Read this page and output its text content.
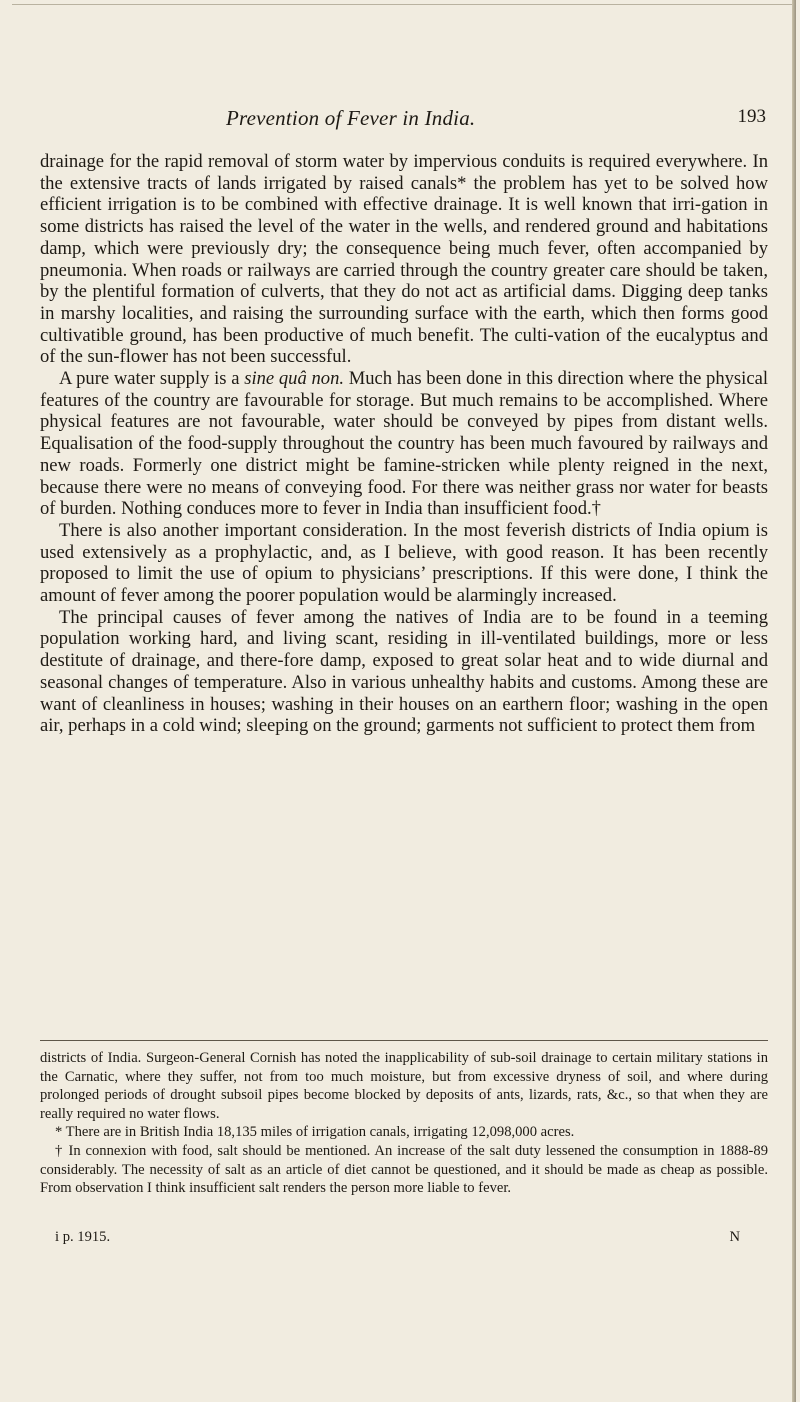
Prevention of Fever in India.	193

drainage for the rapid removal of storm water by impervious conduits is required everywhere. In the extensive tracts of lands irrigated by raised canals* the problem has yet to be solved how efficient irrigation is to be combined with effective drainage. It is well known that irri-gation in some districts has raised the level of the water in the wells, and rendered ground and habitations damp, which were previously dry; the consequence being much fever, often accompanied by pneumonia. When roads or railways are carried through the country greater care should be taken, by the plentiful formation of culverts, that they do not act as artificial dams. Digging deep tanks in marshy localities, and raising the surrounding surface with the earth, which then forms good cultivatible ground, has been productive of much benefit. The culti-vation of the eucalyptus and of the sun-flower has not been successful.

A pure water supply is a sine quâ non. Much has been done in this direction where the physical features of the country are favourable for storage. But much remains to be accomplished. Where physical features are not favourable, water should be conveyed by pipes from distant wells. Equalisation of the food-supply throughout the country has been much favoured by railways and new roads. Formerly one district might be famine-stricken while plenty reigned in the next, because there were no means of conveying food. For there was neither grass nor water for beasts of burden. Nothing conduces more to fever in India than insufficient food.†

There is also another important consideration. In the most feverish districts of India opium is used extensively as a prophylactic, and, as I believe, with good reason. It has been recently proposed to limit the use of opium to physicians’ prescriptions. If this were done, I think the amount of fever among the poorer population would be alarmingly increased.

The principal causes of fever among the natives of India are to be found in a teeming population working hard, and living scant, residing in ill-ventilated buildings, more or less destitute of drainage, and there-fore damp, exposed to great solar heat and to wide diurnal and seasonal changes of temperature. Also in various unhealthy habits and customs. Among these are want of cleanliness in houses; washing in their houses on an earthern floor; washing in the open air, perhaps in a cold wind; sleeping on the ground; garments not sufficient to protect them from

districts of India. Surgeon-General Cornish has noted the inapplicability of sub-soil drainage to certain military stations in the Carnatic, where they suffer, not from too much moisture, but from excessive dryness of soil, and where during prolonged periods of drought subsoil pipes become blocked by deposits of ants, lizards, rats, &c., so that when they are really required no water flows.

* There are in British India 18,135 miles of irrigation canals, irrigating 12,098,000 acres.

† In connexion with food, salt should be mentioned. An increase of the salt duty lessened the consumption in 1888-89 considerably. The necessity of salt as an article of diet cannot be questioned, and it should be made as cheap as possible. From observation I think insufficient salt renders the person more liable to fever.

i p. 1915.	N
